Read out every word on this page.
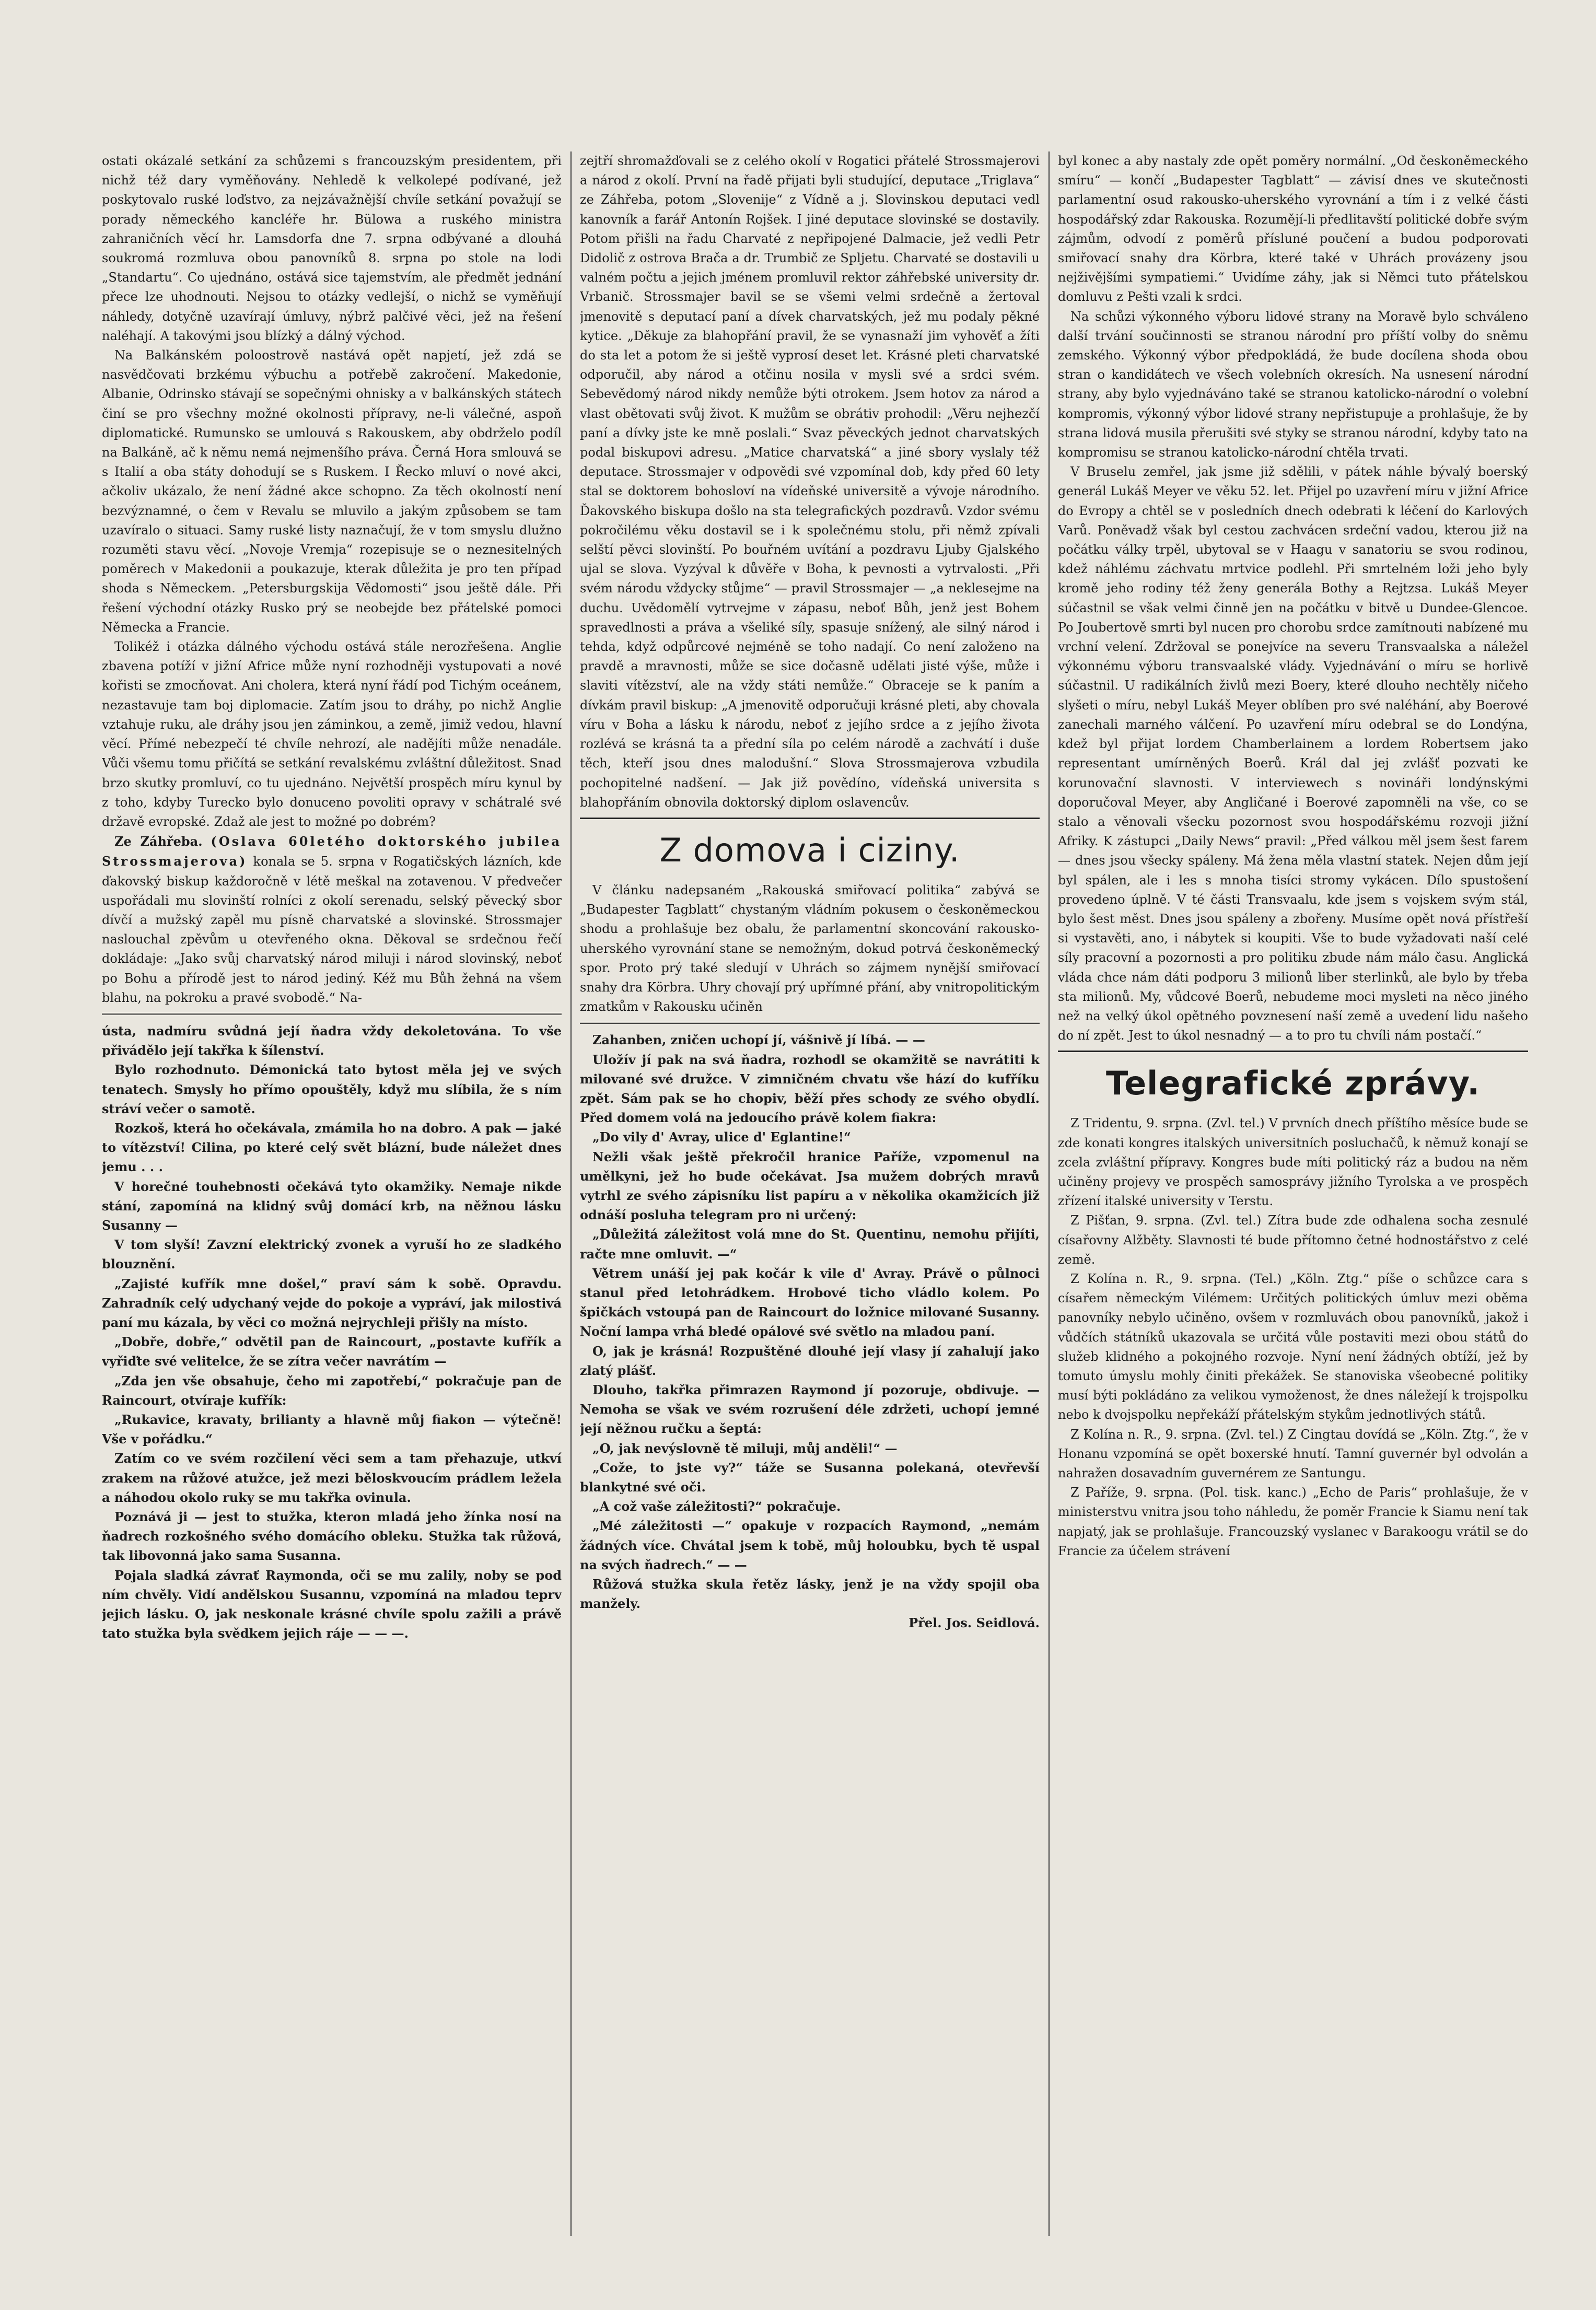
ostati okázalé setkání za schůzemi s francouzským presidentem, při nichž též dary vyměňovány. Nehledě k velkolepé podívané, jež poskytovalo ruské loďstvo, za nejzávažnější chvíle setkání považují se porady německého kancléře hr. Bülowa a ruského ministra zahraničních věcí hr. Lamsdorfa dne 7. srpna odbývané a dlouhá soukromá rozmluva obou panovníků 8. srpna po stole na lodi „Standartu“. Co ujednáno, ostává sice tajemstvím, ale předmět jednání přece lze uhodnouti. Nejsou to otázky vedlejší, o nichž se vyměňují náhledy, dotyčně uzavírají úmluvy, nýbrž palčivé věci, jež na řešení naléhají. A takovými jsou blízký a dálný východ.

Na Balkánském poloostrově nastává opět napjetí, jež zdá se nasvědčovati brzkému výbuchu a potřebě zakročení. Makedonie, Albanie, Odrinsko stávají se sopečnými ohnisky a v balkánských státech činí se pro všechny možné okolnosti přípravy, ne-li válečné, aspoň diplomatické. Rumunsko se umlouvá s Rakouskem, aby obdrželo podíl na Balkáně, ač k němu nemá nejmenšího práva. Černá Hora smlouvá se s Italií a oba státy dohodují se s Ruskem. I Řecko mluví o nové akci, ačkoliv ukázalo, že není žádné akce schopno. Za těch okolností není bezvýznamné, o čem v Revalu se mluvilo a jakým způsobem se tam uzavíralo o situaci. Samy ruské listy naznačují, že v tom smyslu dlužno rozuměti stavu věcí. „Novoje Vremja“ rozepisuje se o neznesitelných poměrech v Makedonii a poukazuje, kterak důležita je pro ten případ shoda s Německem. „Petersburgskija Vědomosti“ jsou ještě dále. Při řešení východní otázky Rusko prý se neobejde bez přátelské pomoci Německa a Francie.

Tolikéž i otázka dálného východu ostává stále nerozřešena. Anglie zbavena potíží v jižní Africe může nyní rozhodněji vystupovati a nové kořisti se zmocňovat. Ani cholera, která nyní řádí pod Tichým oceánem, nezastavuje tam boj diplomacie. Zatím jsou to dráhy, po nichž Anglie vztahuje ruku, ale dráhy jsou jen záminkou, a země, jimiž vedou, hlavní věcí. Přímé nebezpečí té chvíle nehrozí, ale nadějíti může nenadále. Vůči všemu tomu přičítá se setkání revalskému zvláštní důležitost. Snad brzo skutky promluví, co tu ujednáno. Největší prospěch míru kynul by z toho, kdyby Turecko bylo donuceno povoliti opravy v schátralé své državě evropské. Zdaž ale jest to možné po dobrém?

Ze Záhřeba. (Oslava 60letého doktorského jubilea Strossmajerova) konala se 5. srpna v Rogatičských lázních, kde ďakovský biskup každoročně v létě meškal na zotavenou. V předvečer uspořádali mu slovinští rolníci z okolí serenadu, selský pěvecký sbor dívčí a mužský zapěl mu písně charvatské a slovinské. Strossmajer naslouchal zpěvům u otevřeného okna. Děkoval se srdečnou řečí dokládaje: „Jako svůj charvatský národ miluji i národ slovinský, neboť po Bohu a přírodě jest to národ jediný. Kéž mu Bůh žehná na všem blahu, na pokroku a pravé svobodě.“ Na-

ústa, nadmíru svůdná její ňadra vždy dekoletována. To vše přivádělo její takřka k šílenství.

Bylo rozhodnuto. Démonická tato bytost měla jej ve svých tenatech. Smysly ho přímo opouštěly, když mu slíbila, že s ním stráví večer o samotě.

Rozkoš, která ho očekávala, zmámila ho na dobro. A pak — jaké to vítězství! Cilina, po které celý svět blázní, bude náležet dnes jemu . . .

V horečné touhebnosti očekává tyto okamžiky. Nemaje nikde stání, zapomíná na klidný svůj domácí krb, na něžnou lásku Susanny —

V tom slyší! Zavzní elektrický zvonek a vyruší ho ze sladkého blouznění.

„Zajisté kufřík mne došel,“ praví sám k sobě. Opravdu. Zahradník celý udychaný vejde do pokoje a vypráví, jak milostivá paní mu kázala, by věci co možná nejrychleji přišly na místo.

„Dobře, dobře,“ odvětil pan de Raincourt, „postavte kufřík a vyřiďte své velitelce, že se zítra večer navrátím —

„Zda jen vše obsahuje, čeho mi zapotřebí,“ pokračuje pan de Raincourt, otvíraje kufřík:

„Rukavice, kravaty, brilianty a hlavně můj fiakon — výtečně! Vše v pořádku.“

Zatím co ve svém rozčilení věci sem a tam přehazuje, utkví zrakem na růžové atužce, jež mezi běloskvoucím prádlem ležela a náhodou okolo ruky se mu takřka ovinula.

Poznává ji — jest to stužka, kteron mladá jeho žínka nosí na ňadrech rozkošného svého domácího obleku. Stužka tak růžová, tak libovonná jako sama Susanna.

Pojala sladká závrať Raymonda, oči se mu zalily, noby se pod ním chvěly. Vidí andělskou Susannu, vzpomíná na mladou teprv jejich lásku. O, jak neskonale krásné chvíle spolu zažili a právě tato stužka byla svědkem jejich ráje — — —.

zejtří shromažďovali se z celého okolí v Rogatici přátelé Strossmajerovi a národ z okolí. První na řadě přijati byli studující, deputace „Triglava“ ze Záhřeba, potom „Slovenije“ z Vídně a j. Slovinskou deputaci vedl kanovník a farář Antonín Rojšek. I jiné deputace slovinské se dostavily. Potom přišli na řadu Charvaté z nepřipojené Dalmacie, jež vedli Petr Didolič z ostrova Brača a dr. Trumbič ze Spljetu. Charvaté se dostavili u valném počtu a jejich jménem promluvil rektor záhřebské university dr. Vrbanič. Strossmajer bavil se se všemi velmi srdečně a žertoval jmenovitě s deputací paní a dívek charvatských, jež mu podaly pěkné kytice. „Děkuje za blahopřání pravil, že se vynasnaží jim vyhověť a žíti do sta let a potom že si ještě vyprosí deset let. Krásné pleti charvatské odporučil, aby národ a otčinu nosila v mysli své a srdci svém. Sebevědomý národ nikdy nemůže býti otrokem. Jsem hotov za národ a vlast obětovati svůj život. K mužům se obrátiv prohodil: „Věru nejhezčí paní a dívky jste ke mně poslali.“ Svaz pěveckých jednot charvatských podal biskupovi adresu. „Matice charvatská“ a jiné sbory vyslaly též deputace. Strossmajer v odpovědi své vzpomínal dob, kdy před 60 lety stal se doktorem bohosloví na vídeňské universitě a vývoje národního. Ďakovského biskupa došlo na sta telegrafických pozdravů. Vzdor svému pokročilému věku dostavil se i k společnému stolu, při němž zpívali selští pěvci slovinští. Po bouřném uvítání a pozdravu Ljuby Gjalského ujal se slova. Vyzýval k důvěře v Boha, k pevnosti a vytrvalosti. „Při svém národu vždycky stůjme“ — pravil Strossmajer — „a neklesejme na duchu. Uvědomělí vytrvejme v zápasu, neboť Bůh, jenž jest Bohem spravedlnosti a práva a všeliké síly, spasuje snížený, ale silný národ i tehda, když odpůrcové nejméně se toho nadají. Co není založeno na pravdě a mravnosti, může se sice dočasně udělati jisté výše, může i slaviti vítězství, ale na vždy státi nemůže.“ Obraceje se k paním a dívkám pravil biskup: „A jmenovitě odporučuji krásné pleti, aby chovala víru v Boha a lásku k národu, neboť z jejího srdce a z jejího života rozlévá se krásná ta a přední síla po celém národě a zachvátí i duše těch, kteří jsou dnes malodušní.“ Slova Strossmajerova vzbudila pochopitelné nadšení. — Jak již povědíno, vídeňská universita s blahopřáním obnovila doktorský diplom oslavencův.

Z domova i ciziny.

V článku nadepsaném „Rakouská smiřovací politika“ zabývá se „Budapester Tagblatt“ chystaným vládním pokusem o českoněmeckou shodu a prohlašuje bez obalu, že parlamentní skoncování rakousko-uherského vyrovnání stane se nemožným, dokud potrvá českoněmecký spor. Proto prý také sledují v Uhrách so zájmem nynější smiřovací snahy dra Körbra. Uhry chovají prý upřímné přání, aby vnitropolitickým zmatkům v Rakousku učiněn

Zahanben, zničen uchopí jí, vášnivě jí líbá. — —

Uložív jí pak na svá ňadra, rozhodl se okamžitě se navrátiti k milované své družce. V zimničném chvatu vše hází do kufříku zpět. Sám pak se ho chopiv, běží přes schody ze svého obydlí. Před domem volá na jedoucího právě kolem fiakra:

„Do vily d' Avray, ulice d' Eglantine!“

Nežli však ještě překročil hranice Paříže, vzpomenul na umělkyni, jež ho bude očekávat. Jsa mužem dobrých mravů vytrhl ze svého zápisníku list papíru a v několika okamžicích již odnáší posluha telegram pro ni určený:

„Důležitá záležitost volá mne do St. Quentinu, nemohu přijíti, račte mne omluvit. —“

Větrem unáší jej pak kočár k vile d' Avray. Právě o půlnoci stanul před letohrádkem. Hrobové ticho vládlo kolem. Po špičkách vstoupá pan de Raincourt do ložnice milované Susanny. Noční lampa vrhá bledé opálové své světlo na mladou paní.

O, jak je krásná! Rozpuštěné dlouhé její vlasy jí zahalují jako zlatý plášť.

Dlouho, takřka přimrazen Raymond jí pozoruje, obdivuje. — Nemoha se však ve svém rozrušení déle zdržeti, uchopí jemné její něžnou ručku a šeptá:

„O, jak nevýslovně tě miluji, můj anděli!“ —

„Cože, to jste vy?“ táže se Susanna polekaná, otevřevší blankytné své oči.

„A což vaše záležitosti?“ pokračuje.

„Mé záležitosti —“ opakuje v rozpacích Raymond, „nemám žádných více. Chvátal jsem k tobě, můj holoubku, bych tě uspal na svých ňadrech.“ — —

Růžová stužka skula řetěz lásky, jenž je na vždy spojil oba manžely.

Přel. Jos. Seidlová.

byl konec a aby nastaly zde opět poměry normální. „Od českoněmeckého smíru“ — končí „Budapester Tagblatt“ — závisí dnes ve skutečnosti parlamentní osud rakousko-uherského vyrovnání a tím i z velké části hospodářský zdar Rakouska. Rozumějí-li předlitavští politické dobře svým zájmům, odvodí z poměrů přísluné poučení a budou podporovati smiřovací snahy dra Körbra, které také v Uhrách provázeny jsou nejživějšími sympatiemi.“ Uvidíme záhy, jak si Němci tuto přátelskou domluvu z Pešti vzali k srdci.

Na schůzi výkonného výboru lidové strany na Moravě bylo schváleno další trvání součinnosti se stranou národní pro příští volby do sněmu zemského. Výkonný výbor předpokládá, že bude docílena shoda obou stran o kandidátech ve všech volebních okresích. Na usnesení národní strany, aby bylo vyjednáváno také se stranou katolicko-národní o volební kompromis, výkonný výbor lidové strany nepřistupuje a prohlašuje, že by strana lidová musila přerušiti své styky se stranou národní, kdyby tato na kompromisu se stranou katolicko-národní chtěla trvati.

V Bruselu zemřel, jak jsme již sdělili, v pátek náhle bývalý boerský generál Lukáš Meyer ve věku 52. let. Přijel po uzavření míru v jižní Africe do Evropy a chtěl se v posledních dnech odebrati k léčení do Karlových Varů. Poněvadž však byl cestou zachvácen srdeční vadou, kterou již na počátku války trpěl, ubytoval se v Haagu v sanatoriu se svou rodinou, kdež náhlému záchvatu mrtvice podlehl. Při smrtelném loži jeho byly kromě jeho rodiny též ženy generála Bothy a Rejtzsa. Lukáš Meyer súčastnil se však velmi činně jen na počátku v bitvě u Dundee-Glencoe. Po Joubertově smrti byl nucen pro chorobu srdce zamítnouti nabízené mu vrchní velení. Zdržoval se ponejvíce na severu Transvaalska a náležel výkonnému výboru transvaalské vlády. Vyjednávání o míru se horlivě súčastnil. U radikálních živlů mezi Boery, které dlouho nechtěly ničeho slyšeti o míru, nebyl Lukáš Meyer oblíben pro své naléhání, aby Boerové zanechali marného válčení. Po uzavření míru odebral se do Londýna, kdež byl přijat lordem Chamberlainem a lordem Robertsem jako representant umírněných Boerů. Král dal jej zvlášť pozvati ke korunovační slavnosti. V interviewech s novináři londýnskými doporučoval Meyer, aby Angličané i Boerové zapomněli na vše, co se stalo a věnovali všecku pozornost svou hospodářskému rozvoji jižní Afriky. K zástupci „Daily News“ pravil: „Před válkou měl jsem šest farem — dnes jsou všecky spáleny. Má žena měla vlastní statek. Nejen dům její byl spálen, ale i les s mnoha tisíci stromy vykácen. Dílo spustošení provedeno úplně. V té části Transvaalu, kde jsem s vojskem svým stál, bylo šest měst. Dnes jsou spáleny a zbořeny. Musíme opět nová přístřeší si vystavěti, ano, i nábytek si koupiti. Vše to bude vyžadovati naší celé síly pracovní a pozornosti a pro politiku zbude nám málo času. Anglická vláda chce nám dáti podporu 3 milionů liber sterlinků, ale bylo by třeba sta milionů. My, vůdcové Boerů, nebudeme moci mysleti na něco jiného než na velký úkol opětného povznesení naší země a uvedení lidu našeho do ní zpět. Jest to úkol nesnadný — a to pro tu chvíli nám postačí.“

Telegrafické zprávy.

Z Tridentu, 9. srpna. (Zvl. tel.) V prvních dnech příštího měsíce bude se zde konati kongres italských universitních posluchačů, k němuž konají se zcela zvláštní přípravy. Kongres bude míti politický ráz a budou na něm učiněny projevy ve prospěch samosprávy jižního Tyrolska a ve prospěch zřízení italské university v Terstu.

Z Pišťan, 9. srpna. (Zvl. tel.) Zítra bude zde odhalena socha zesnulé císařovny Alžběty. Slavnosti té bude přítomno četné hodnostářstvo z celé země.

Z Kolína n. R., 9. srpna. (Tel.) „Köln. Ztg.“ píše o schůzce cara s císařem německým Vilémem: Určitých politických úmluv mezi oběma panovníky nebylo učiněno, ovšem v rozmluvách obou panovníků, jakož i vůdčích státníků ukazovala se určitá vůle postaviti mezi obou států do služeb klidného a pokojného rozvoje. Nyní není žádných obtíží, jež by tomuto úmyslu mohly činiti překážek. Se stanoviska všeobecné politiky musí býti pokládáno za velikou vymoženost, že dnes náležejí k trojspolku nebo k dvojspolku nepřekáží přátelským stykům jednotlivých států.

Z Kolína n. R., 9. srpna. (Zvl. tel.) Z Cingtau dovídá se „Köln. Ztg.“, že v Honanu vzpomíná se opět boxerské hnutí. Tamní guvernér byl odvolán a nahražen dosavadním guvernérem ze Santungu.

Z Paříže, 9. srpna. (Pol. tisk. kanc.) „Echo de Paris“ prohlašuje, že v ministerstvu vnitra jsou toho náhledu, že poměr Francie k Siamu není tak napjatý, jak se prohlašuje. Francouzský vyslanec v Barakoogu vrátil se do Francie za účelem strávení
